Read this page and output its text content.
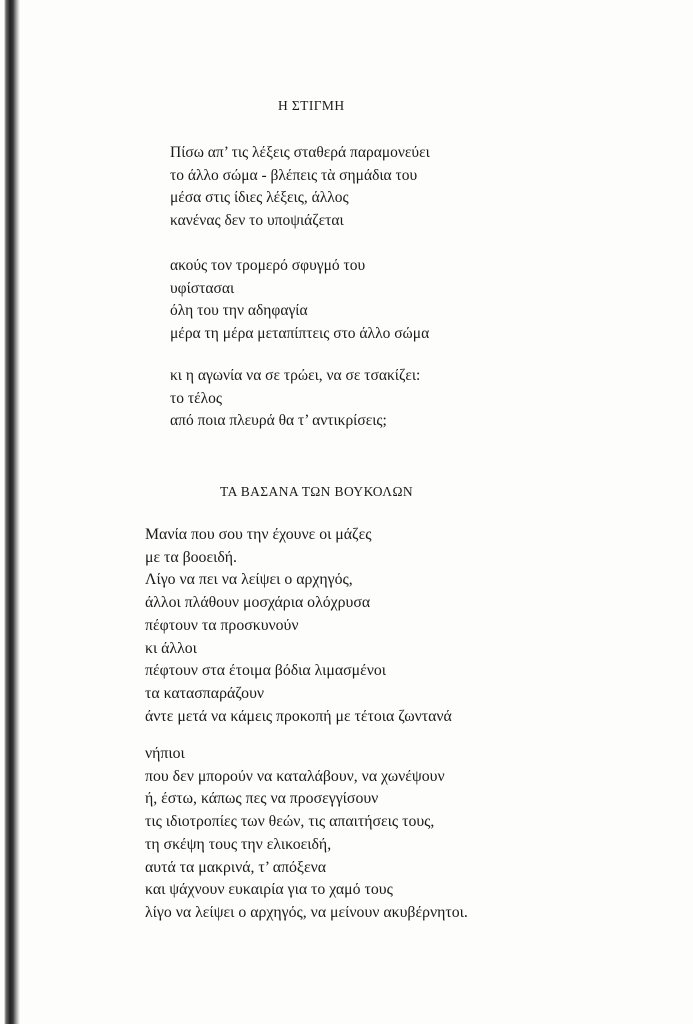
Η ΣΤΙΓΜΗ
Πίσω απ’ τις λέξεις σταθερά παραμονεύει
το άλλο σώμα - βλέπεις τὰ σημάδια του
μέσα στις ίδιες λέξεις, άλλος
κανένας δεν το υποψιάζεται
ακούς τον τρομερό σφυγμό του
υφίστασαι
όλη του την αδηφαγία
μέρα τη μέρα μεταπίπτεις στο άλλο σώμα
κι η αγωνία να σε τρώει, να σε τσακίζει:
το τέλος
από ποια πλευρά θα τ’ αντικρίσεις;
ΤΑ ΒΑΣΑΝΑ ΤΩΝ ΒΟΥΚΟΛΩΝ
Μανία που σου την έχουνε οι μάζες
με τα βοοειδή.
Λίγο να πει να λείψει ο αρχηγός,
άλλοι πλάθουν μοσχάρια ολόχρυσα
πέφτουν τα προσκυνούν
κι άλλοι
πέφτουν στα έτοιμα βόδια λιμασμένοι
τα κατασπαράζουν
άντε μετά να κάμεις προκοπή με τέτοια ζωντανά
νήπιοι
που δεν μπορούν να καταλάβουν, να χωνέψουν
ή, έστω, κάπως πες να προσεγγίσουν
τις ιδιοτροπίες των θεών, τις απαιτήσεις τους,
τη σκέψη τους την ελικοειδή,
αυτά τα μακρινά, τ’ απόξενα
και ψάχνουν ευκαιρία για το χαμό τους
λίγο να λείψει ο αρχηγός, να μείνουν ακυβέρνητοι.
